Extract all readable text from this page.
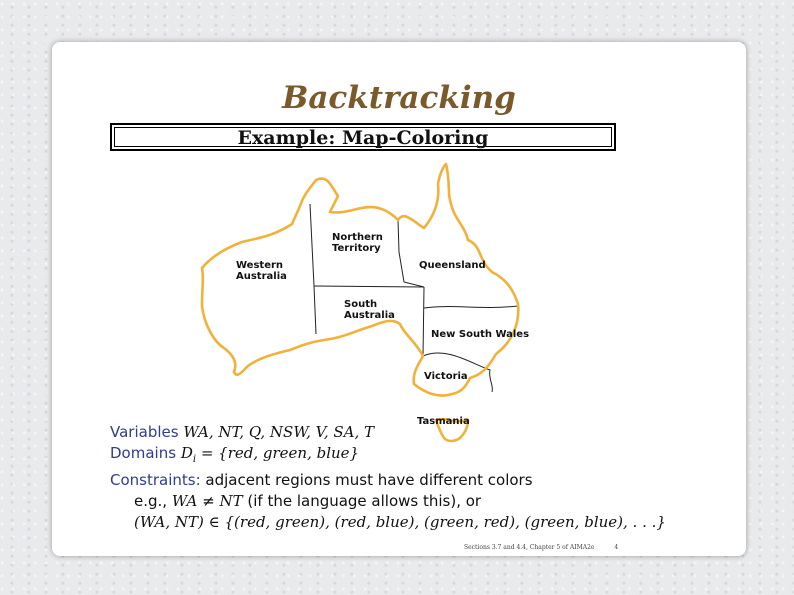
Backtracking
Example: Map-Coloring
Western Australia
Northern Territory
Queensland
South Australia
New South Wales
Victoria
Tasmania
Variables WA, NT, Q, NSW, V, SA, T
Domains $D_i = \{red$, green, blue}
Constraints: adjacent regions must have different colors
e.g., WA ≠ NT (if the language allows this), or
(WA, NT) ∈ {(red, green), (red, blue), (green, red), (green, blue), . . .}
Sections 3.7 and 4.4, Chapter 5 of AIMA2e	4
